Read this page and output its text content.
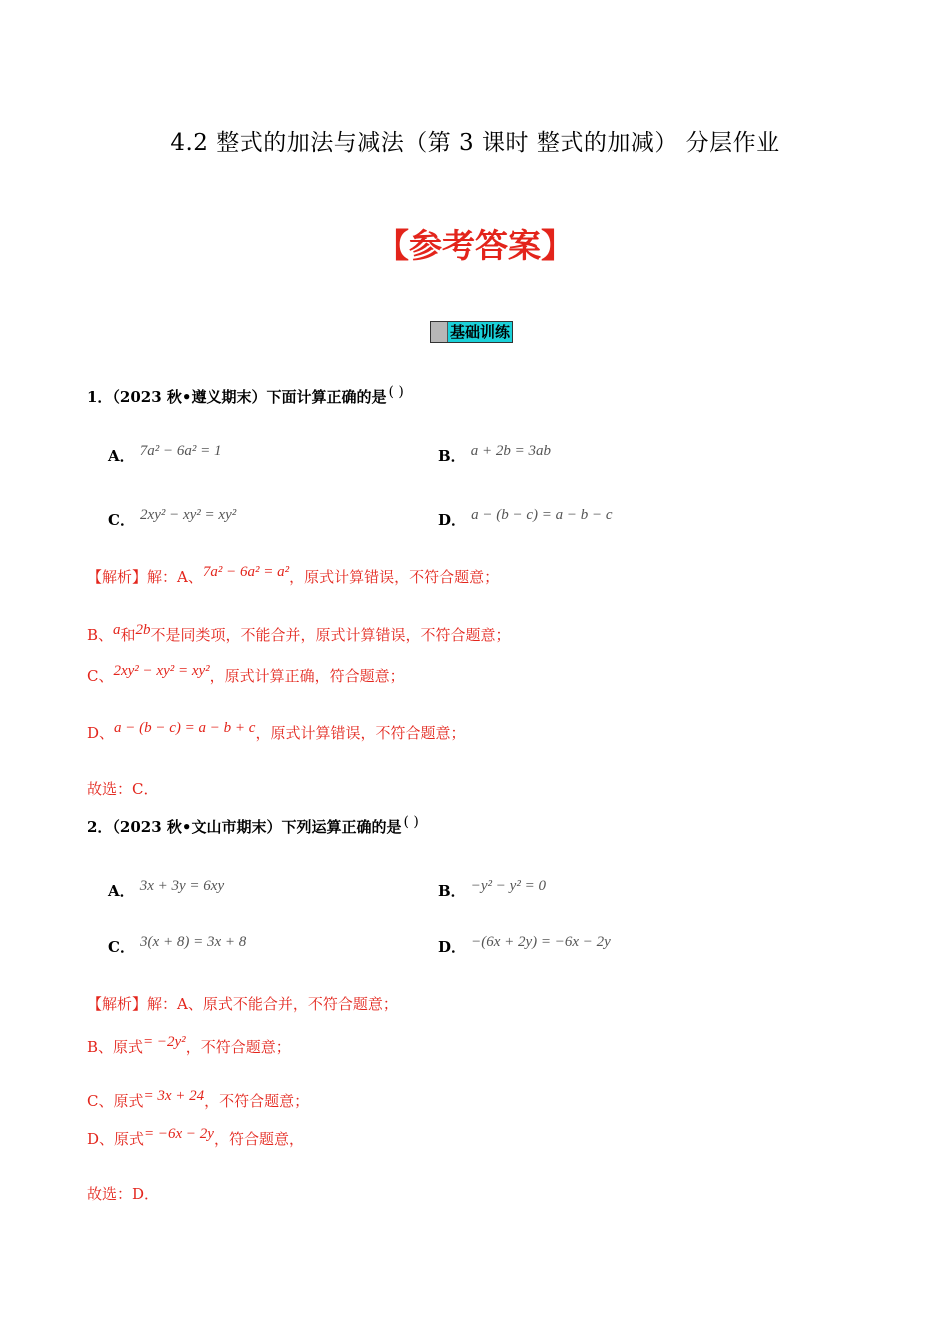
4.2 整式的加法与减法（第 3 课时 整式的加减） 分层作业
【参考答案】
基础训练
1．（2023 秋•遵义期末）下面计算正确的是 ( )
A． 7a² − 6a² = 1	B． a + 2b = 3ab
C． 2xy² − xy² = xy²	D． a − (b − c) = a − b − c
【解析】解：A、7a² − 6a² = a²，原式计算错误，不符合题意；
B、a和2b不是同类项，不能合并，原式计算错误，不符合题意；
C、2xy² − xy² = xy²，原式计算正确，符合题意；
D、a − (b − c) = a − b + c，原式计算错误，不符合题意；
故选：C．
2．（2023 秋•文山市期末）下列运算正确的是 ( )
A． 3x + 3y = 6xy	B． −y² − y² = 0
C． 3(x + 8) = 3x + 8	D． −(6x + 2y) = −6x − 2y
【解析】解：A、原式不能合并，不符合题意；
B、原式= −2y²，不符合题意；
C、原式= 3x + 24，不符合题意；
D、原式= −6x − 2y，符合题意，
故选：D．
